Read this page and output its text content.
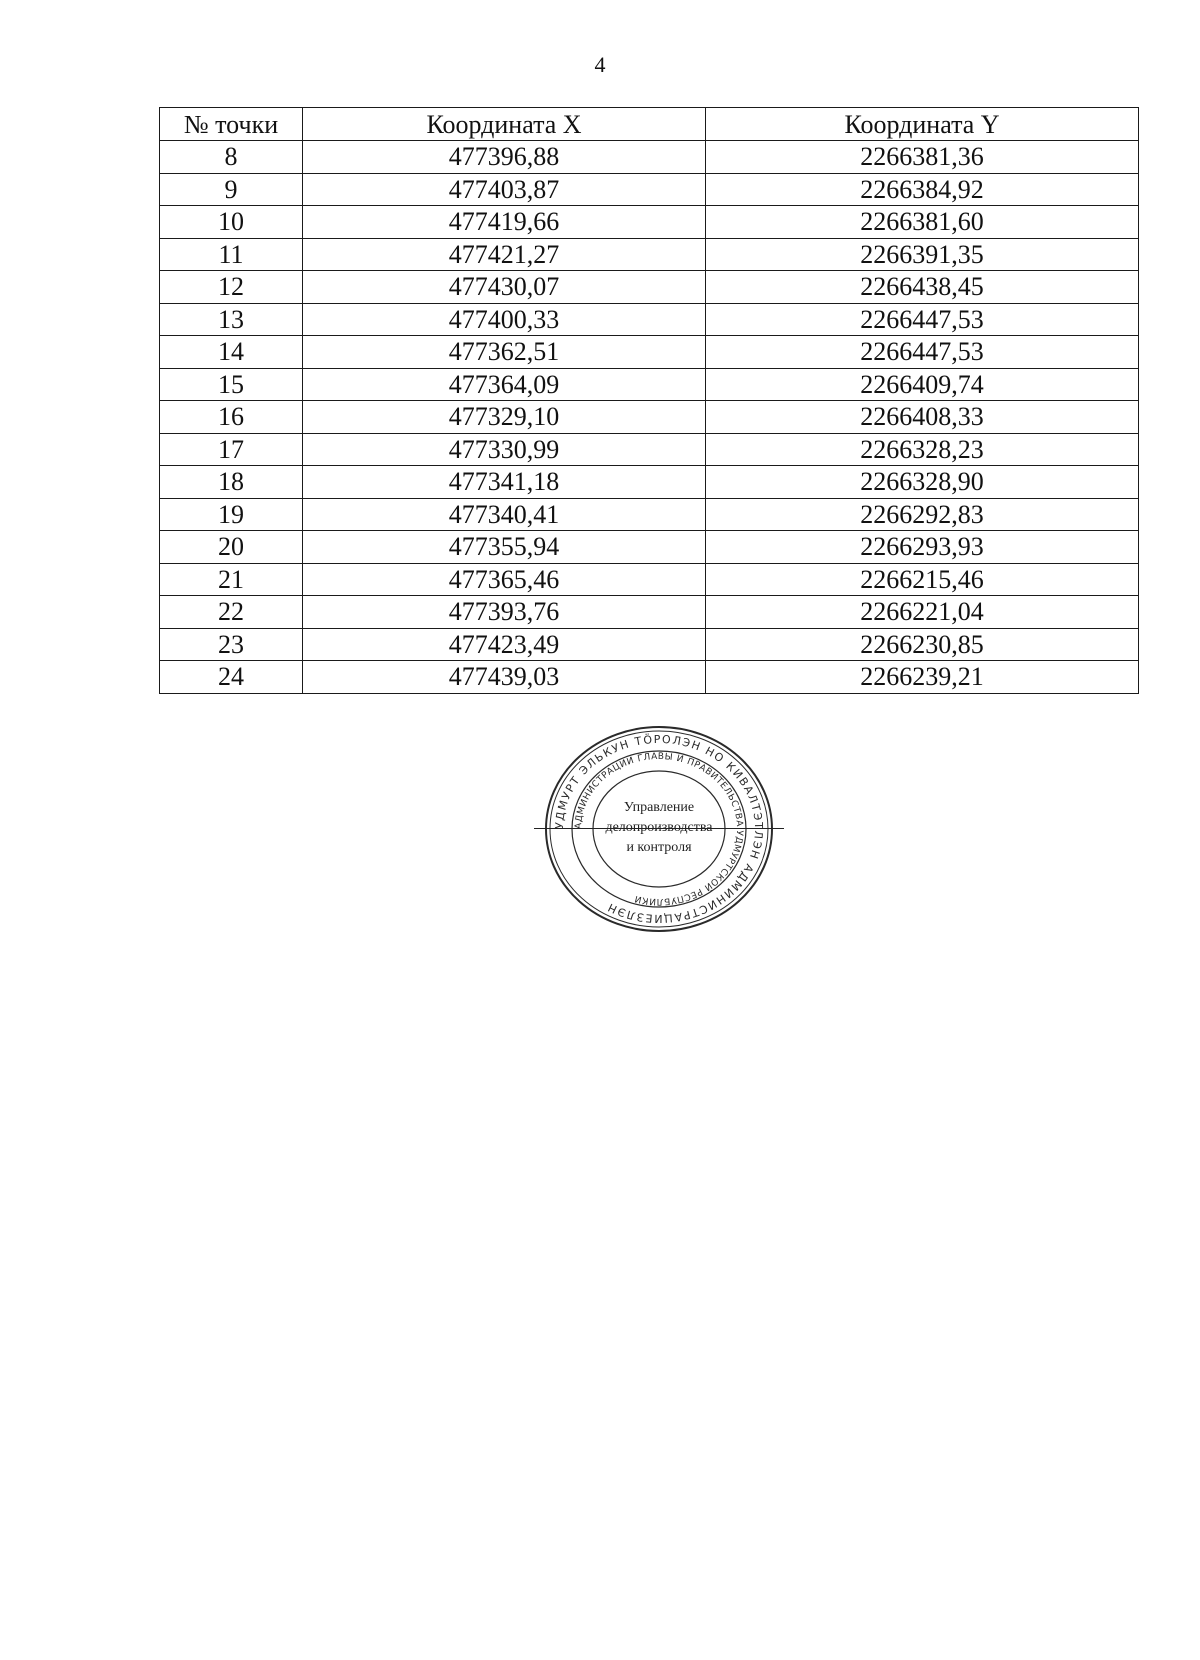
4
№ точки	Координата X	Координата Y
8	477396,88	2266381,36
9	477403,87	2266384,92
10	477419,66	2266381,60
11	477421,27	2266391,35
12	477430,07	2266438,45
13	477400,33	2266447,53
14	477362,51	2266447,53
15	477364,09	2266409,74
16	477329,10	2266408,33
17	477330,99	2266328,23
18	477341,18	2266328,90
19	477340,41	2266292,83
20	477355,94	2266293,93
21	477365,46	2266215,46
22	477393,76	2266221,04
23	477423,49	2266230,85
24	477439,03	2266239,21
УДМУРТ ЭЛЬКУН ТӦРОЛЭН НО КИВАЛТЭТЛЭН АДМИНИСТРАЦИЕЗЛЭН
АДМИНИСТРАЦИИ ГЛАВЫ И ПРАВИТЕЛЬСТВА УДМУРТСКОЙ РЕСПУБЛИКИ
Управление
делопроизводства
и контроля
